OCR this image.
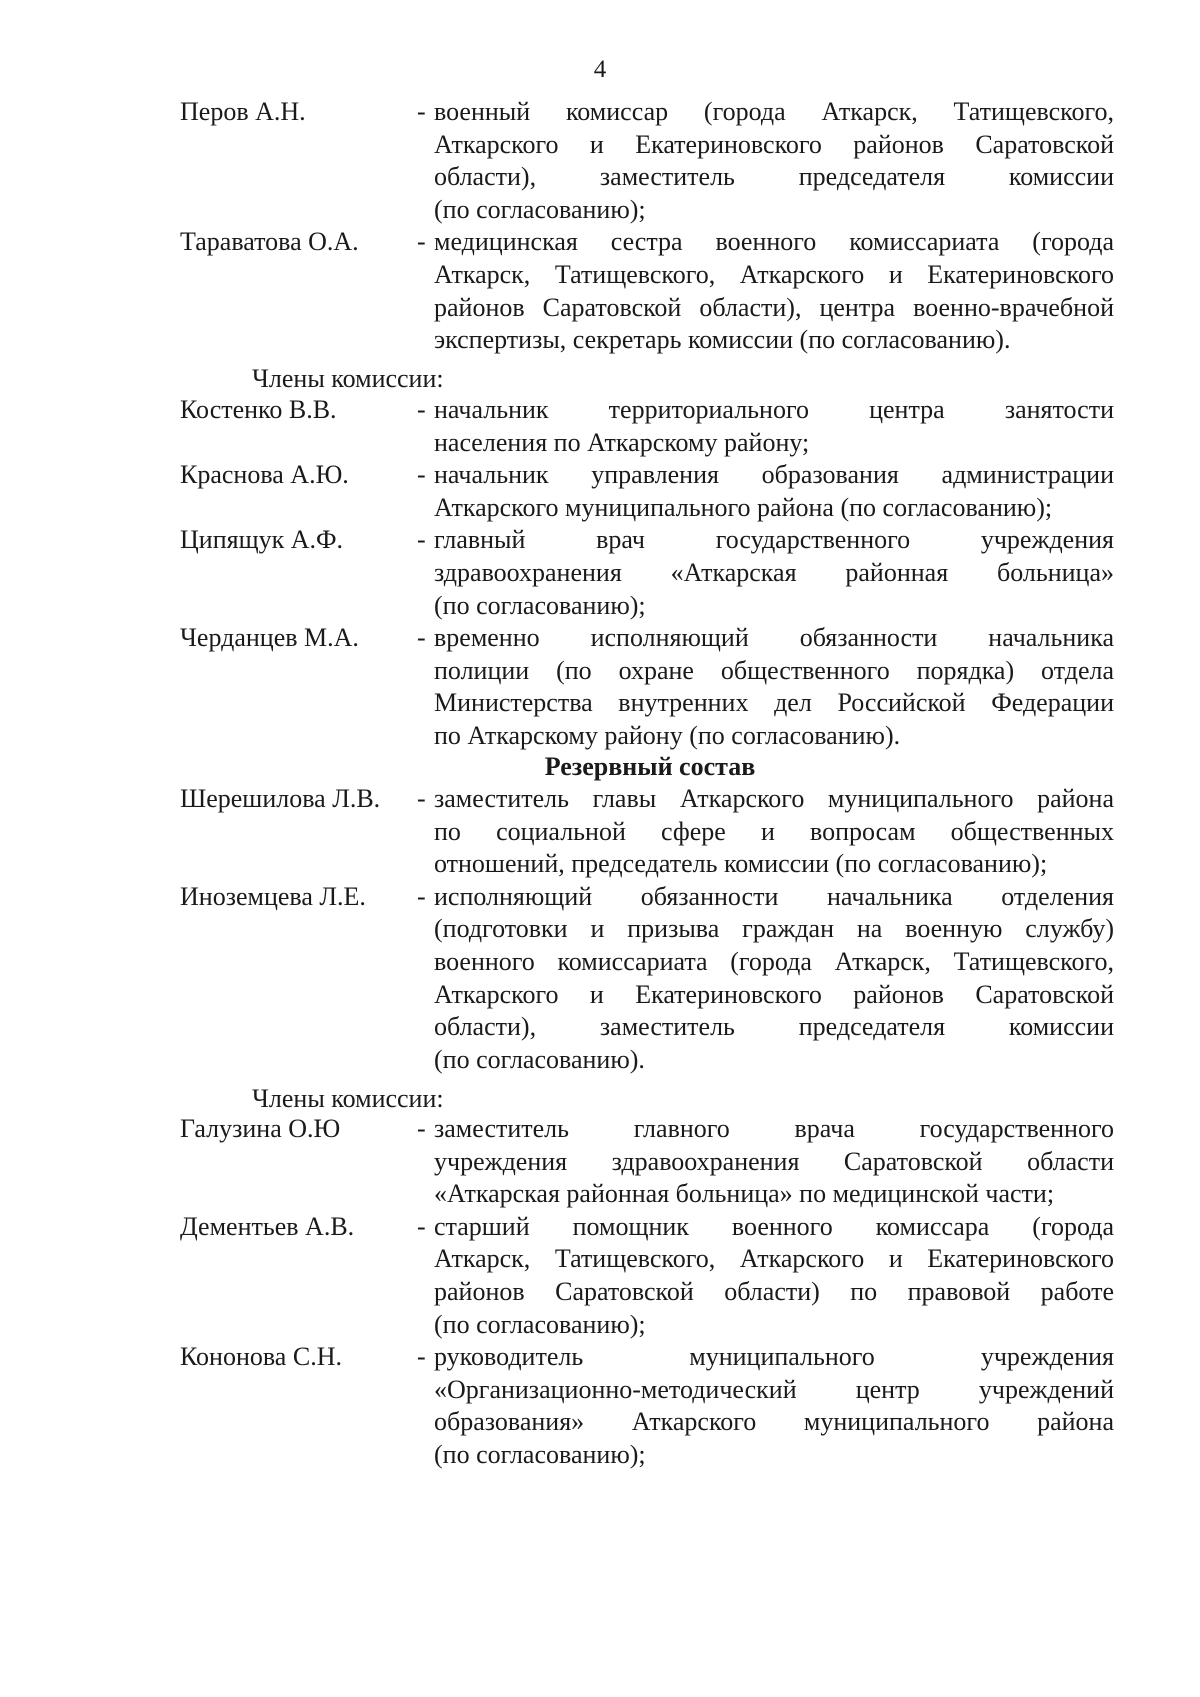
4
Перов А.Н.	- военный комиссар (города Аткарск, Татищевского,
Аткарского и Екатериновского районов Саратовской
области), заместитель председателя комиссии
(по согласованию);
Тараватова О.А.	- медицинская сестра военного комиссариата (города
Аткарск, Татищевского, Аткарского и Екатериновского
районов Саратовской области), центра военно-врачебной
экспертизы, секретарь комиссии (по согласованию).
Члены комиссии:
Костенко В.В.	- начальник территориального центра занятости
населения по Аткарскому району;
Краснова А.Ю.	- начальник управления образования администрации
Аткарского муниципального района (по согласованию);
Ципящук А.Ф.	- главный врач государственного учреждения
здравоохранения «Аткарская районная больница»
(по согласованию);
Черданцев М.А.	- временно исполняющий обязанности начальника
полиции (по охране общественного порядка) отдела
Министерства внутренних дел Российской Федерации
по Аткарскому району (по согласованию).
Резервный состав
Шерешилова Л.В.	- заместитель главы Аткарского муниципального района
по социальной сфере и вопросам общественных
отношений, председатель комиссии (по согласованию);
Иноземцева Л.Е.	- исполняющий обязанности начальника отделения
(подготовки и призыва граждан на военную службу)
военного комиссариата (города Аткарск, Татищевского,
Аткарского и Екатериновского районов Саратовской
области), заместитель председателя комиссии
(по согласованию).
Члены комиссии:
Галузина О.Ю	- заместитель главного врача государственного
учреждения здравоохранения Саратовской области
«Аткарская районная больница» по медицинской части;
Дементьев А.В.	- старший помощник военного комиссара (города
Аткарск, Татищевского, Аткарского и Екатериновского
районов Саратовской области) по правовой работе
(по согласованию);
Кононова С.Н.	- руководитель муниципального учреждения
«Организационно-методический центр учреждений
образования» Аткарского муниципального района
(по согласованию);
